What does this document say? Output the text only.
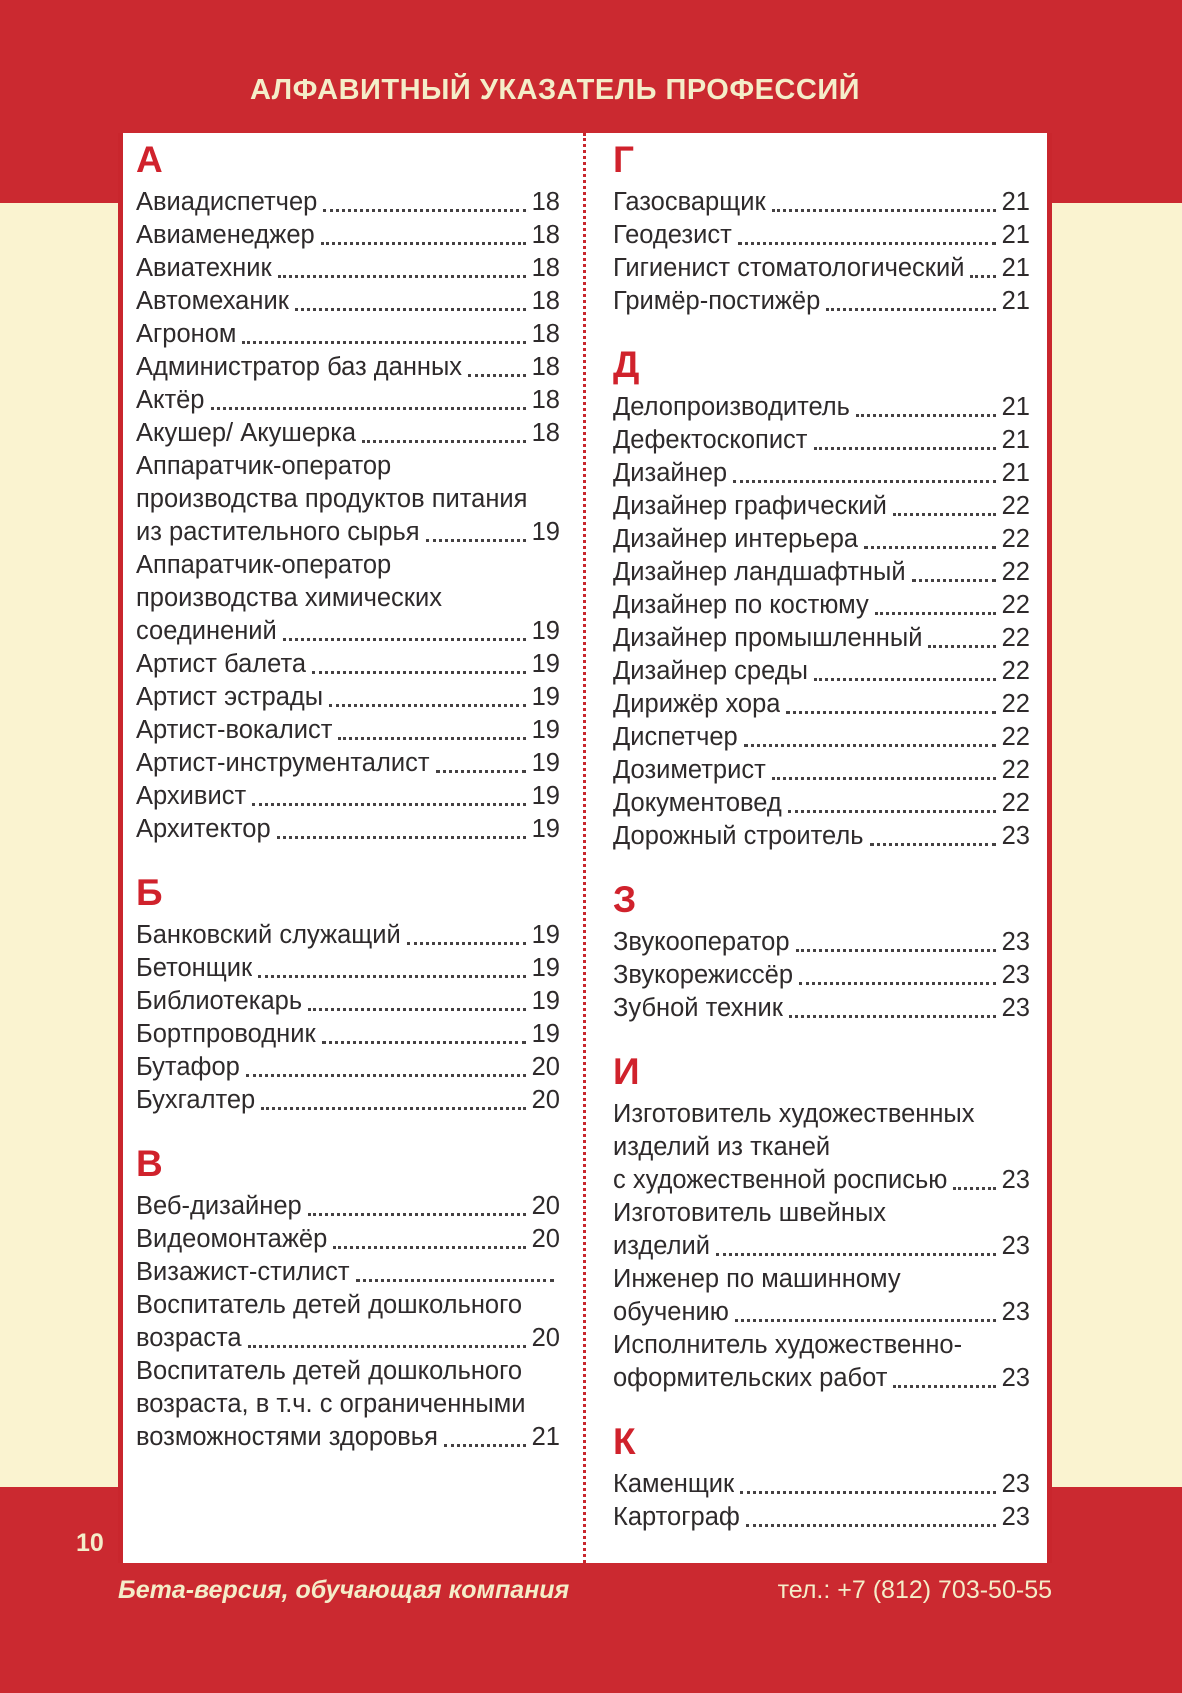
АЛФАВИТНЫЙ УКАЗАТЕЛЬ ПРОФЕССИЙ
А
Авиадиспетчер	18
Авиаменеджер	18
Авиатехник	18
Автомеханик	18
Агроном	18
Администратор баз данных	18
Актёр	18
Акушер/ Акушерка	18
Аппаратчик-оператор
производства продуктов питания
из растительного сырья	19
Аппаратчик-оператор
производства химических
соединений	19
Артист балета	19
Артист эстрады	19
Артист-вокалист	19
Артист-инструменталист	19
Архивист	19
Архитектор	19
Б
Банковский служащий	19
Бетонщик	19
Библиотекарь	19
Бортпроводник	19
Бутафор	20
Бухгалтер	20
В
Веб-дизайнер	20
Видеомонтажёр	20
Визажист-стилист
Воспитатель детей дошкольного
возраста	20
Воспитатель детей дошкольного
возраста, в т.ч. с ограниченными
возможностями здоровья	21
Г
Газосварщик	21
Геодезист	21
Гигиенист стоматологический 21
Гримёр-постижёр	21
Д
Делопроизводитель	21
Дефектоскопист	21
Дизайнер	21
Дизайнер графический	22
Дизайнер интерьера	22
Дизайнер ландшафтный	22
Дизайнер по костюму	22
Дизайнер промышленный	22
Дизайнер среды	22
Дирижёр хора	22
Диспетчер	22
Дозиметрист	22
Документовед	22
Дорожный строитель	23
З
Звукооператор	23
Звукорежиссёр	23
Зубной техник	23
И
Изготовитель художественных
изделий из тканей
с художественной росписью 23
Изготовитель швейных
изделий	23
Инженер по машинному
обучению	23
Исполнитель художественно-
оформительских работ	23
К
Каменщик	23
Картограф	23
10
Бета-версия, обучающая компания	тел.: +7 (812) 703-50-55
